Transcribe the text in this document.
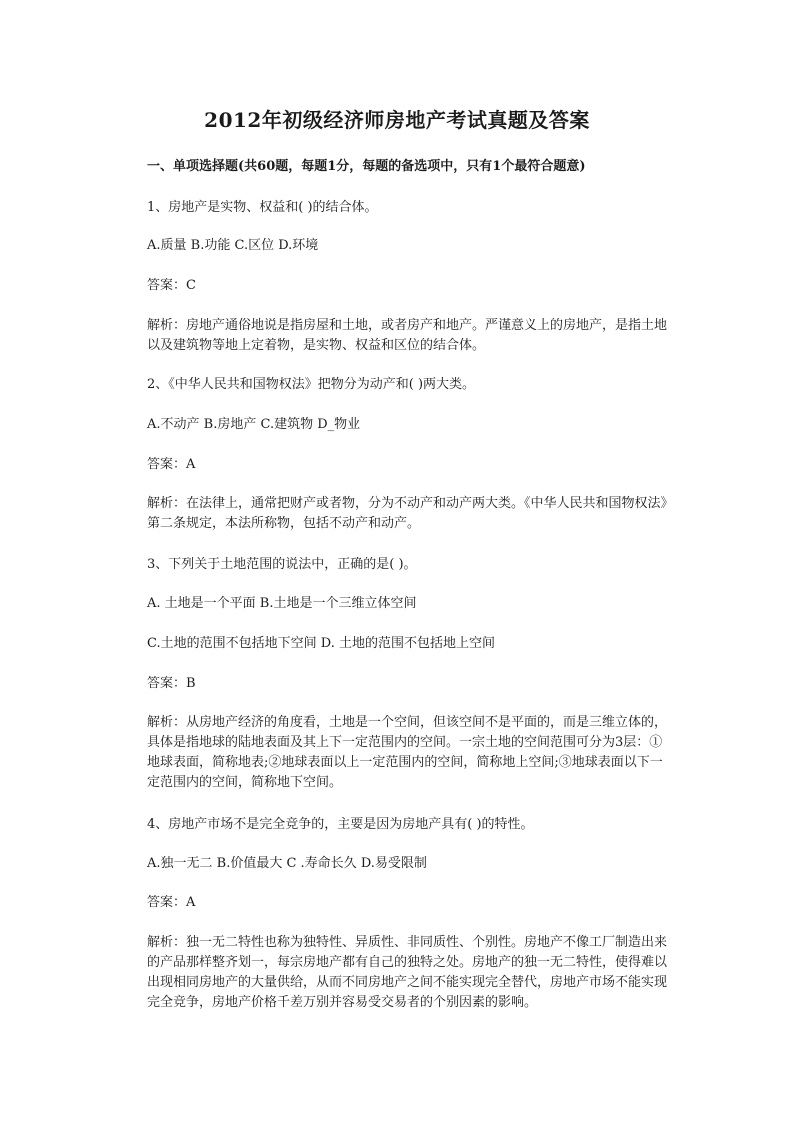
2012年初级经济师房地产考试真题及答案

一、单项选择题(共60题，每题1分，每题的备选项中，只有1个最符合题意)

1、房地产是实物、权益和( )的结合体。

A.质量 B.功能 C.区位 D.环境

答案：C

解析：房地产通俗地说是指房屋和土地，或者房产和地产。严谨意义上的房地产，是指土地以及建筑物等地上定着物，是实物、权益和区位的结合体。

2、《中华人民共和国物权法》把物分为动产和( )两大类。

A.不动产 B.房地产 C.建筑物 D_物业

答案：A

解析：在法律上，通常把财产或者物，分为不动产和动产两大类。《中华人民共和国物权法》第二条规定，本法所称物，包括不动产和动产。

3、下列关于土地范围的说法中，正确的是( )。

A. 土地是一个平面 B.土地是一个三维立体空间

C.土地的范围不包括地下空间 D. 土地的范围不包括地上空间

答案：B

解析：从房地产经济的角度看，土地是一个空间，但该空间不是平面的，而是三维立体的，具体是指地球的陆地表面及其上下一定范围内的空间。一宗土地的空间范围可分为3层：①地球表面，简称地表;②地球表面以上一定范围内的空间，简称地上空间;③地球表面以下一定范围内的空间，简称地下空间。

4、房地产市场不是完全竞争的，主要是因为房地产具有( )的特性。

A.独一无二 B.价值最大 C .寿命长久 D.易受限制

答案：A

解析：独一无二特性也称为独特性、异质性、非同质性、个别性。房地产不像工厂制造出来的产品那样整齐划一，每宗房地产都有自己的独特之处。房地产的独一无二特性，使得难以出现相同房地产的大量供给，从而不同房地产之间不能实现完全替代，房地产市场不能实现完全竞争，房地产价格千差万别并容易受交易者的个别因素的影响。
